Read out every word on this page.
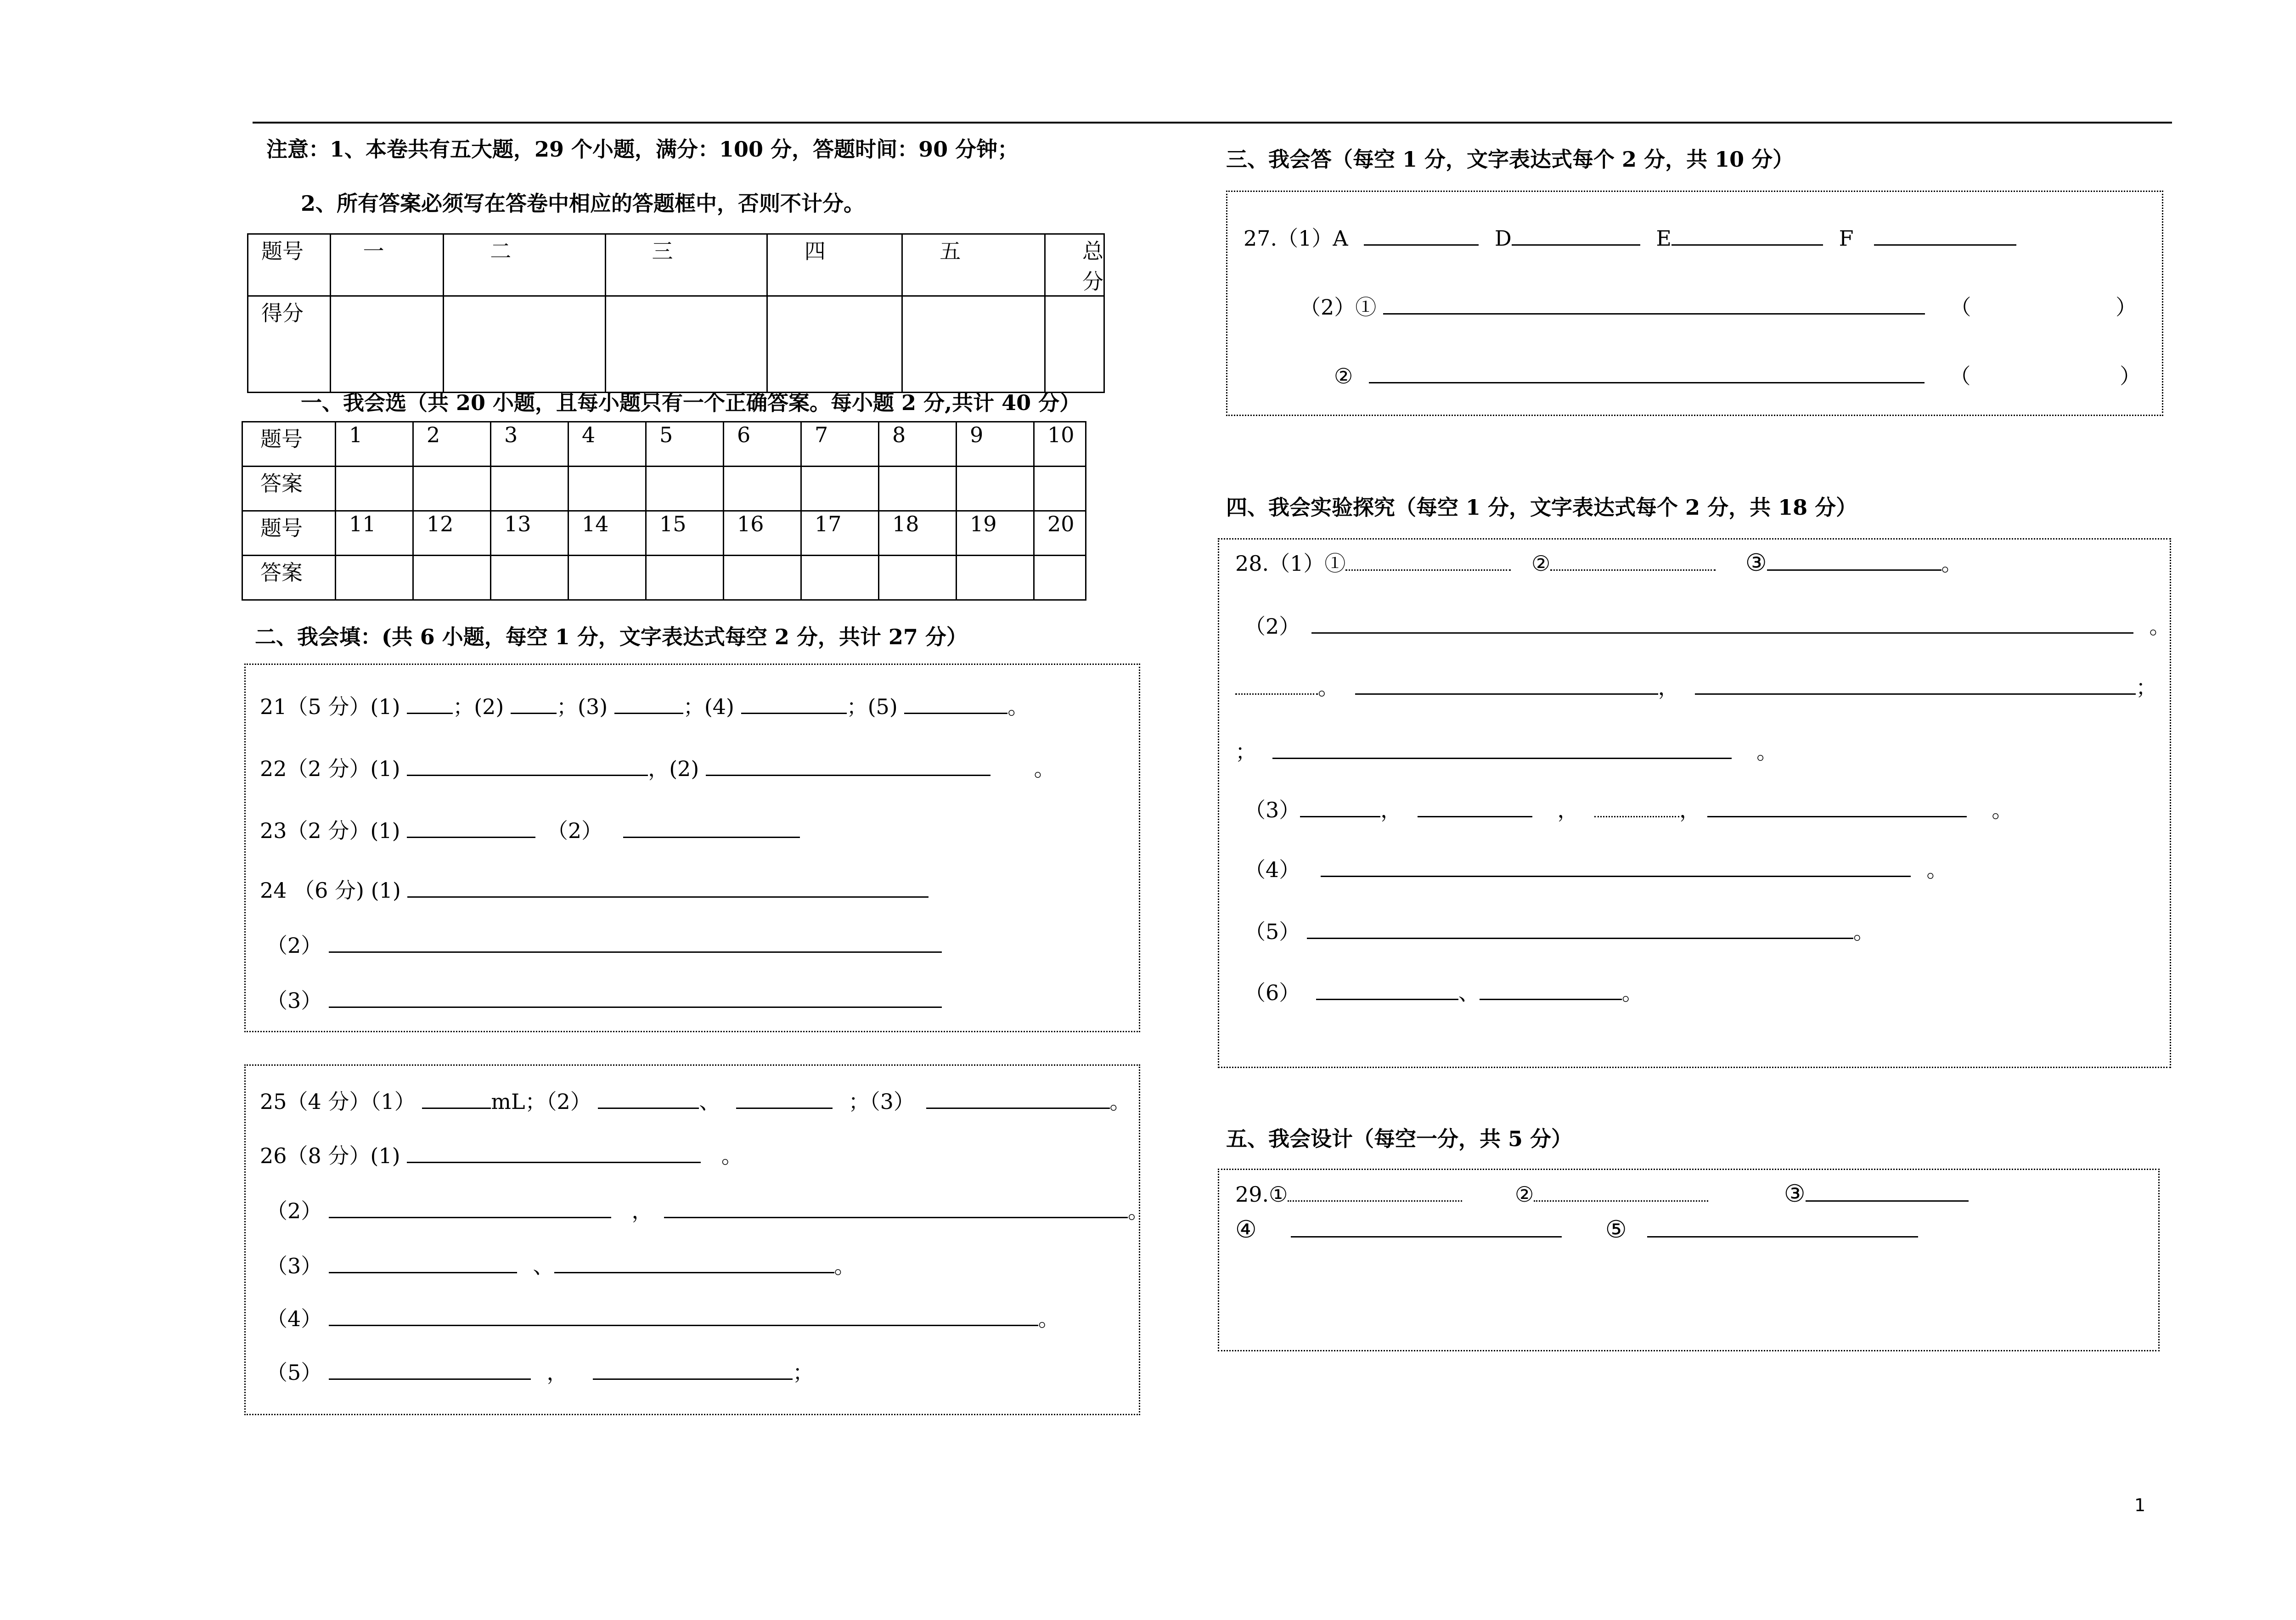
注意：1、本卷共有五大题，29 个小题，满分：100 分，答题时间：90 分钟；
2、所有答案必须写在答卷中相应的答题框中，否则不计分。
题号	一	二	三	四	五	总分
得分						
一、我会选（共 20 小题，且每小题只有一个正确答案。每小题 2 分,共计 40 分）
题号	1	2	3	4	5	6	7	8	9	10
答案										
题号	11	12	13	14	15	16	17	18	19	20
答案										
二、我会填：(共 6 小题，每空 1 分，文字表达式每空 2 分，共计 27 分）
21（5 分）(1) ；(2) ；(3)	；(4)	；(5)	。
22（2 分）(1)	，(2)	。
23（2 分）(1)	（2）
24 （6 分) (1)
（2）
（3）
25（4 分）（1）	mL；（2）	、	；（3）	。
26（8 分）(1)	。
（2）	，	。
（3）	、	。
（4）	。
（5）	，	；
三、我会答（每空 1 分，文字表达式每个 2 分，共 10 分）
27.（1）A	D	E	F
（2）①	（	）
②	（	）
四、我会实验探究（每空 1 分，文字表达式每个 2 分，共 18 分）
28.（1）①	②	③	。
（2）	。
。	，	；
；	。
（3）	，	，	，	。
（4）	。
（5）	。
（6）	、	。
五、我会设计（每空一分，共 5 分）
29.①	②	③
④	⑤
1
